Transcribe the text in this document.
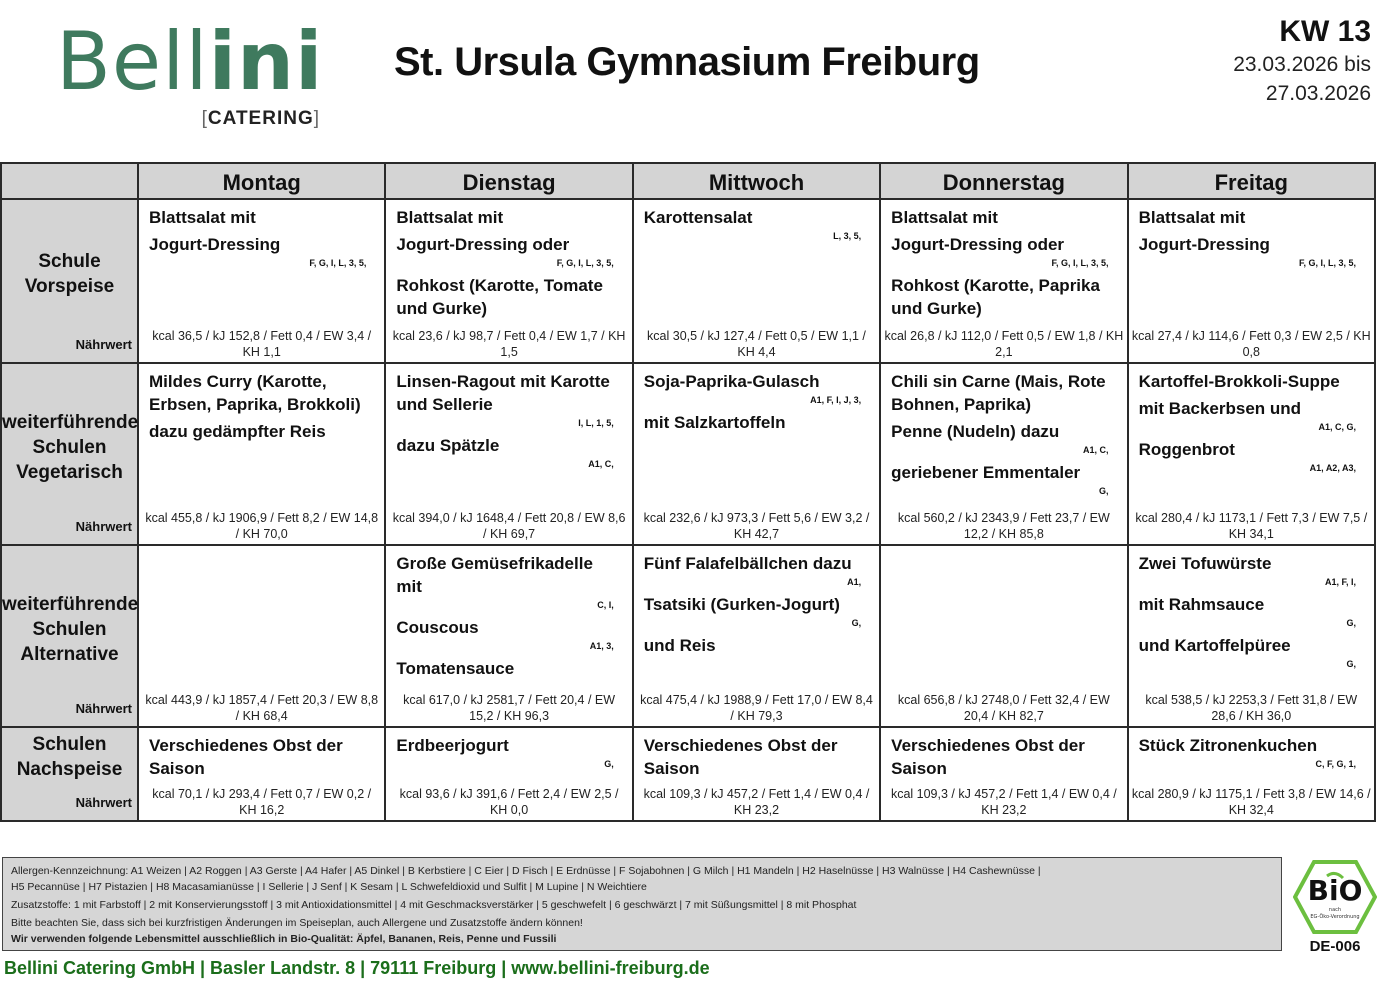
Bellini
[CATERING]
St. Ursula Gymnasium Freiburg
KW 13
23.03.2026 bis
27.03.2026
	Montag	Dienstag	Mittwoch	Donnerstag	Freitag

Schule
Vorspeise
Nährwert

Blattsalat mit
Jogurt-Dressing
F, G, I, L, 3, 5,
kcal 36,5 / kJ 152,8 / Fett 0,4 / EW 3,4 / KH 1,1

Blattsalat mit
Jogurt-Dressing oder
F, G, I, L, 3, 5,
Rohkost (Karotte, Tomate und Gurke)
kcal 23,6 / kJ 98,7 / Fett 0,4 / EW 1,7 / KH 1,5

Karottensalat
L, 3, 5,
kcal 30,5 / kJ 127,4 / Fett 0,5 / EW 1,1 / KH 4,4

Blattsalat mit
Jogurt-Dressing oder
F, G, I, L, 3, 5,
Rohkost (Karotte, Paprika und Gurke)
kcal 26,8 / kJ 112,0 / Fett 0,5 / EW 1,8 / KH 2,1

Blattsalat mit
Jogurt-Dressing
F, G, I, L, 3, 5,
kcal 27,4 / kJ 114,6 / Fett 0,3 / EW 2,5 / KH 0,8

weiterführende
Schulen
Vegetarisch
Nährwert

Mildes Curry (Karotte, Erbsen, Paprika, Brokkoli)
dazu gedämpfter Reis
kcal 455,8 / kJ 1906,9 / Fett 8,2 / EW 14,8 / KH 70,0

Linsen-Ragout mit Karotte und Sellerie
I, L, 1, 5,
dazu Spätzle
A1, C,
kcal 394,0 / kJ 1648,4 / Fett 20,8 / EW 8,6 / KH 69,7

Soja-Paprika-Gulasch
A1, F, I, J, 3,
mit Salzkartoffeln
kcal 232,6 / kJ 973,3 / Fett 5,6 / EW 3,2 / KH 42,7

Chili sin Carne (Mais, Rote Bohnen, Paprika)
Penne (Nudeln) dazu
A1, C,
geriebener Emmentaler
G,
kcal 560,2 / kJ 2343,9 / Fett 23,7 / EW 12,2 / KH 85,8

Kartoffel-Brokkoli-Suppe
mit Backerbsen und
A1, C, G,
Roggenbrot
A1, A2, A3,
kcal 280,4 / kJ 1173,1 / Fett 7,3 / EW 7,5 / KH 34,1

weiterführende
Schulen
Alternative
Nährwert

kcal 443,9 / kJ 1857,4 / Fett 20,3 / EW 8,8 / KH 68,4

Große Gemüsefrikadelle mit
C, I,
Couscous
A1, 3,
Tomatensauce
kcal 617,0 / kJ 2581,7 / Fett 20,4 / EW 15,2 / KH 96,3

Fünf Falafelbällchen dazu
A1,
Tsatsiki (Gurken-Jogurt)
G,
und Reis
kcal 475,4 / kJ 1988,9 / Fett 17,0 / EW 8,4 / KH 79,3

kcal 656,8 / kJ 2748,0 / Fett 32,4 / EW 20,4 / KH 82,7

Zwei Tofuwürste
A1, F, I,
mit Rahmsauce
G,
und Kartoffelpüree
G,
kcal 538,5 / kJ 2253,3 / Fett 31,8 / EW 28,6 / KH 36,0

Schulen
Nachspeise
Nährwert

Verschiedenes Obst der Saison
kcal 70,1 / kJ 293,4 / Fett 0,7 / EW 0,2 / KH 16,2

Erdbeerjogurt
G,
kcal 93,6 / kJ 391,6 / Fett 2,4 / EW 2,5 / KH 0,0

Verschiedenes Obst der Saison
kcal 109,3 / kJ 457,2 / Fett 1,4 / EW 0,4 / KH 23,2

Verschiedenes Obst der Saison
kcal 109,3 / kJ 457,2 / Fett 1,4 / EW 0,4 / KH 23,2

Stück Zitronenkuchen
C, F, G, 1,
kcal 280,9 / kJ 1175,1 / Fett 3,8 / EW 14,6 / KH 32,4

Allergen-Kennzeichnung: A1 Weizen | A2 Roggen | A3 Gerste | A4 Hafer | A5 Dinkel | B Kerbstiere | C Eier | D Fisch | E Erdnüsse | F Sojabohnen | G Milch | H1 Mandeln | H2 Haselnüsse | H3 Walnüsse | H4 Cashewnüsse |

H5 Pecannüse | H7 Pistazien | H8 Macasamianüsse | I Sellerie | J Senf | K Sesam | L Schwefeldioxid und Sulfit | M Lupine | N Weichtiere

Zusatzstoffe: 1 mit Farbstoff | 2 mit Konservierungsstoff | 3 mit Antioxidationsmittel | 4 mit Geschmacksverstärker | 5 geschwefelt | 6 geschwärzt | 7 mit Süßungsmittel | 8 mit Phosphat

Bitte beachten Sie, dass sich bei kurzfristigen Änderungen im Speiseplan, auch Allergene und Zusatzstoffe ändern können!

Wir verwenden folgende Lebensmittel ausschließlich in Bio-Qualität: Äpfel, Bananen, Reis, Penne und Fussili

BiO
nach
EG-Öko-Verordnung
DE-006
Bellini Catering GmbH | Basler Landstr. 8 | 79111 Freiburg | www.bellini-freiburg.de
